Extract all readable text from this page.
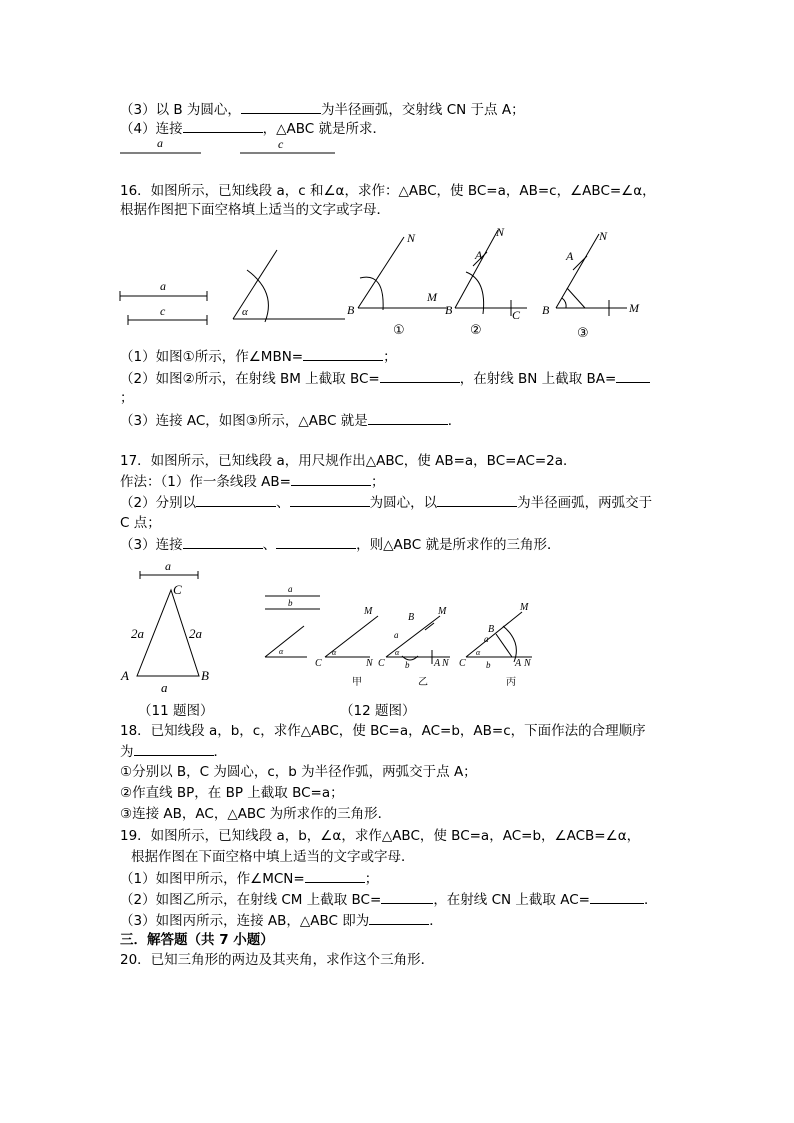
（3）以 B 为圆心，	为半径画弧，交射线 CN 于点 A；
（4）连接	，△ABC 就是所求．
a	c
16．如图所示，已知线段 a，c 和∠α，求作：△ABC，使 BC=a，AB=c，∠ABC=∠α，
根据作图把下面空格填上适当的文字或字母．
a
c	α	B
M
N
①
B
A
N
C
②
B
A
N
M
③
（1）如图①所示，作∠MBN=	；
（2）如图②所示，在射线 BM 上截取 BC=	，在射线 BN 上截取 BA=
；
（3）连接 AC，如图③所示，△ABC 就是	．
17．如图所示，已知线段 a，用尺规作出△ABC，使 AB=a，BC=AC=2a．
作法：（1）作一条线段 AB=	；
（2）分别以	、	为圆心，以	为半径画弧，两弧交于
C 点；
（3）连接	、	，则△ABC 就是所求作的三角形．
a
C
2a	2a
A	B
a
（11 题图）
a
b
α
M
C	N
α
甲
M
B
C	A N
α
b
a
乙
M
B
C	A N
α
b
a
丙
（12 题图）
18．已知线段 a，b，c，求作△ABC，使 BC=a，AC=b，AB=c，下面作法的合理顺序
为	．
①分别以 B，C 为圆心，c，b 为半径作弧，两弧交于点 A；
②作直线 BP，在 BP 上截取 BC=a；
③连接 AB，AC，△ABC 为所求作的三角形．
19．如图所示，已知线段 a，b，∠α，求作△ABC，使 BC=a，AC=b，∠ACB=∠α，
根据作图在下面空格中填上适当的文字或字母．
（1）如图甲所示，作∠MCN=	；
（2）如图乙所示，在射线 CM 上截取 BC=	，在射线 CN 上截取 AC=	．
（3）如图丙所示，连接 AB，△ABC 即为	．
三．解答题（共 7 小题）
20．已知三角形的两边及其夹角，求作这个三角形．
